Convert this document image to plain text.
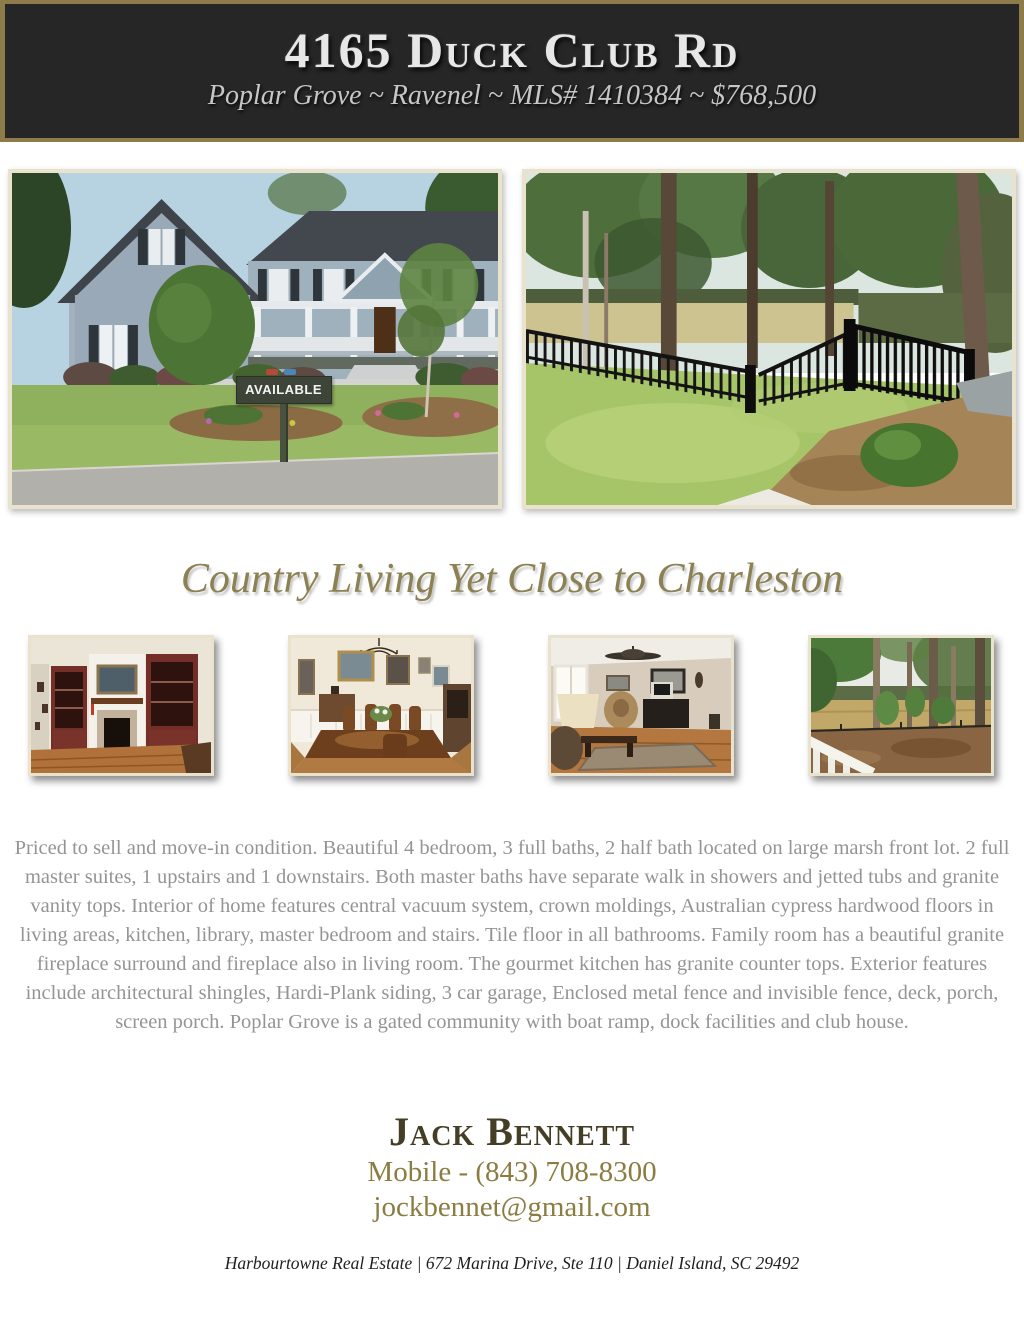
4165 Duck Club Rd
Poplar Grove ~ Ravenel ~ MLS# 1410384 ~ $768,500
AVAILABLE
Country Living Yet Close to Charleston

Priced to sell and move-in condition. Beautiful 4 bedroom, 3 full baths, 2 half bath located on large marsh front lot. 2 full master suites, 1 upstairs and 1 downstairs. Both master baths have separate walk in showers and jetted tubs and granite vanity tops. Interior of home features central vacuum system, crown moldings, Australian cypress hardwood floors in living areas, kitchen, library, master bedroom and stairs. Tile floor in all bathrooms. Family room has a beautiful granite fireplace surround and fireplace also in living room. The gourmet kitchen has granite counter tops. Exterior features include architectural shingles, Hardi-Plank siding, 3 car garage, Enclosed metal fence and invisible fence, deck, porch, screen porch. Poplar Grove is a gated community with boat ramp, dock facilities and club house.

Jack Bennett
Mobile - (843) 708-8300
jockbennet@gmail.com
Harbourtowne Real Estate | 672 Marina Drive, Ste 110 | Daniel Island, SC 29492
